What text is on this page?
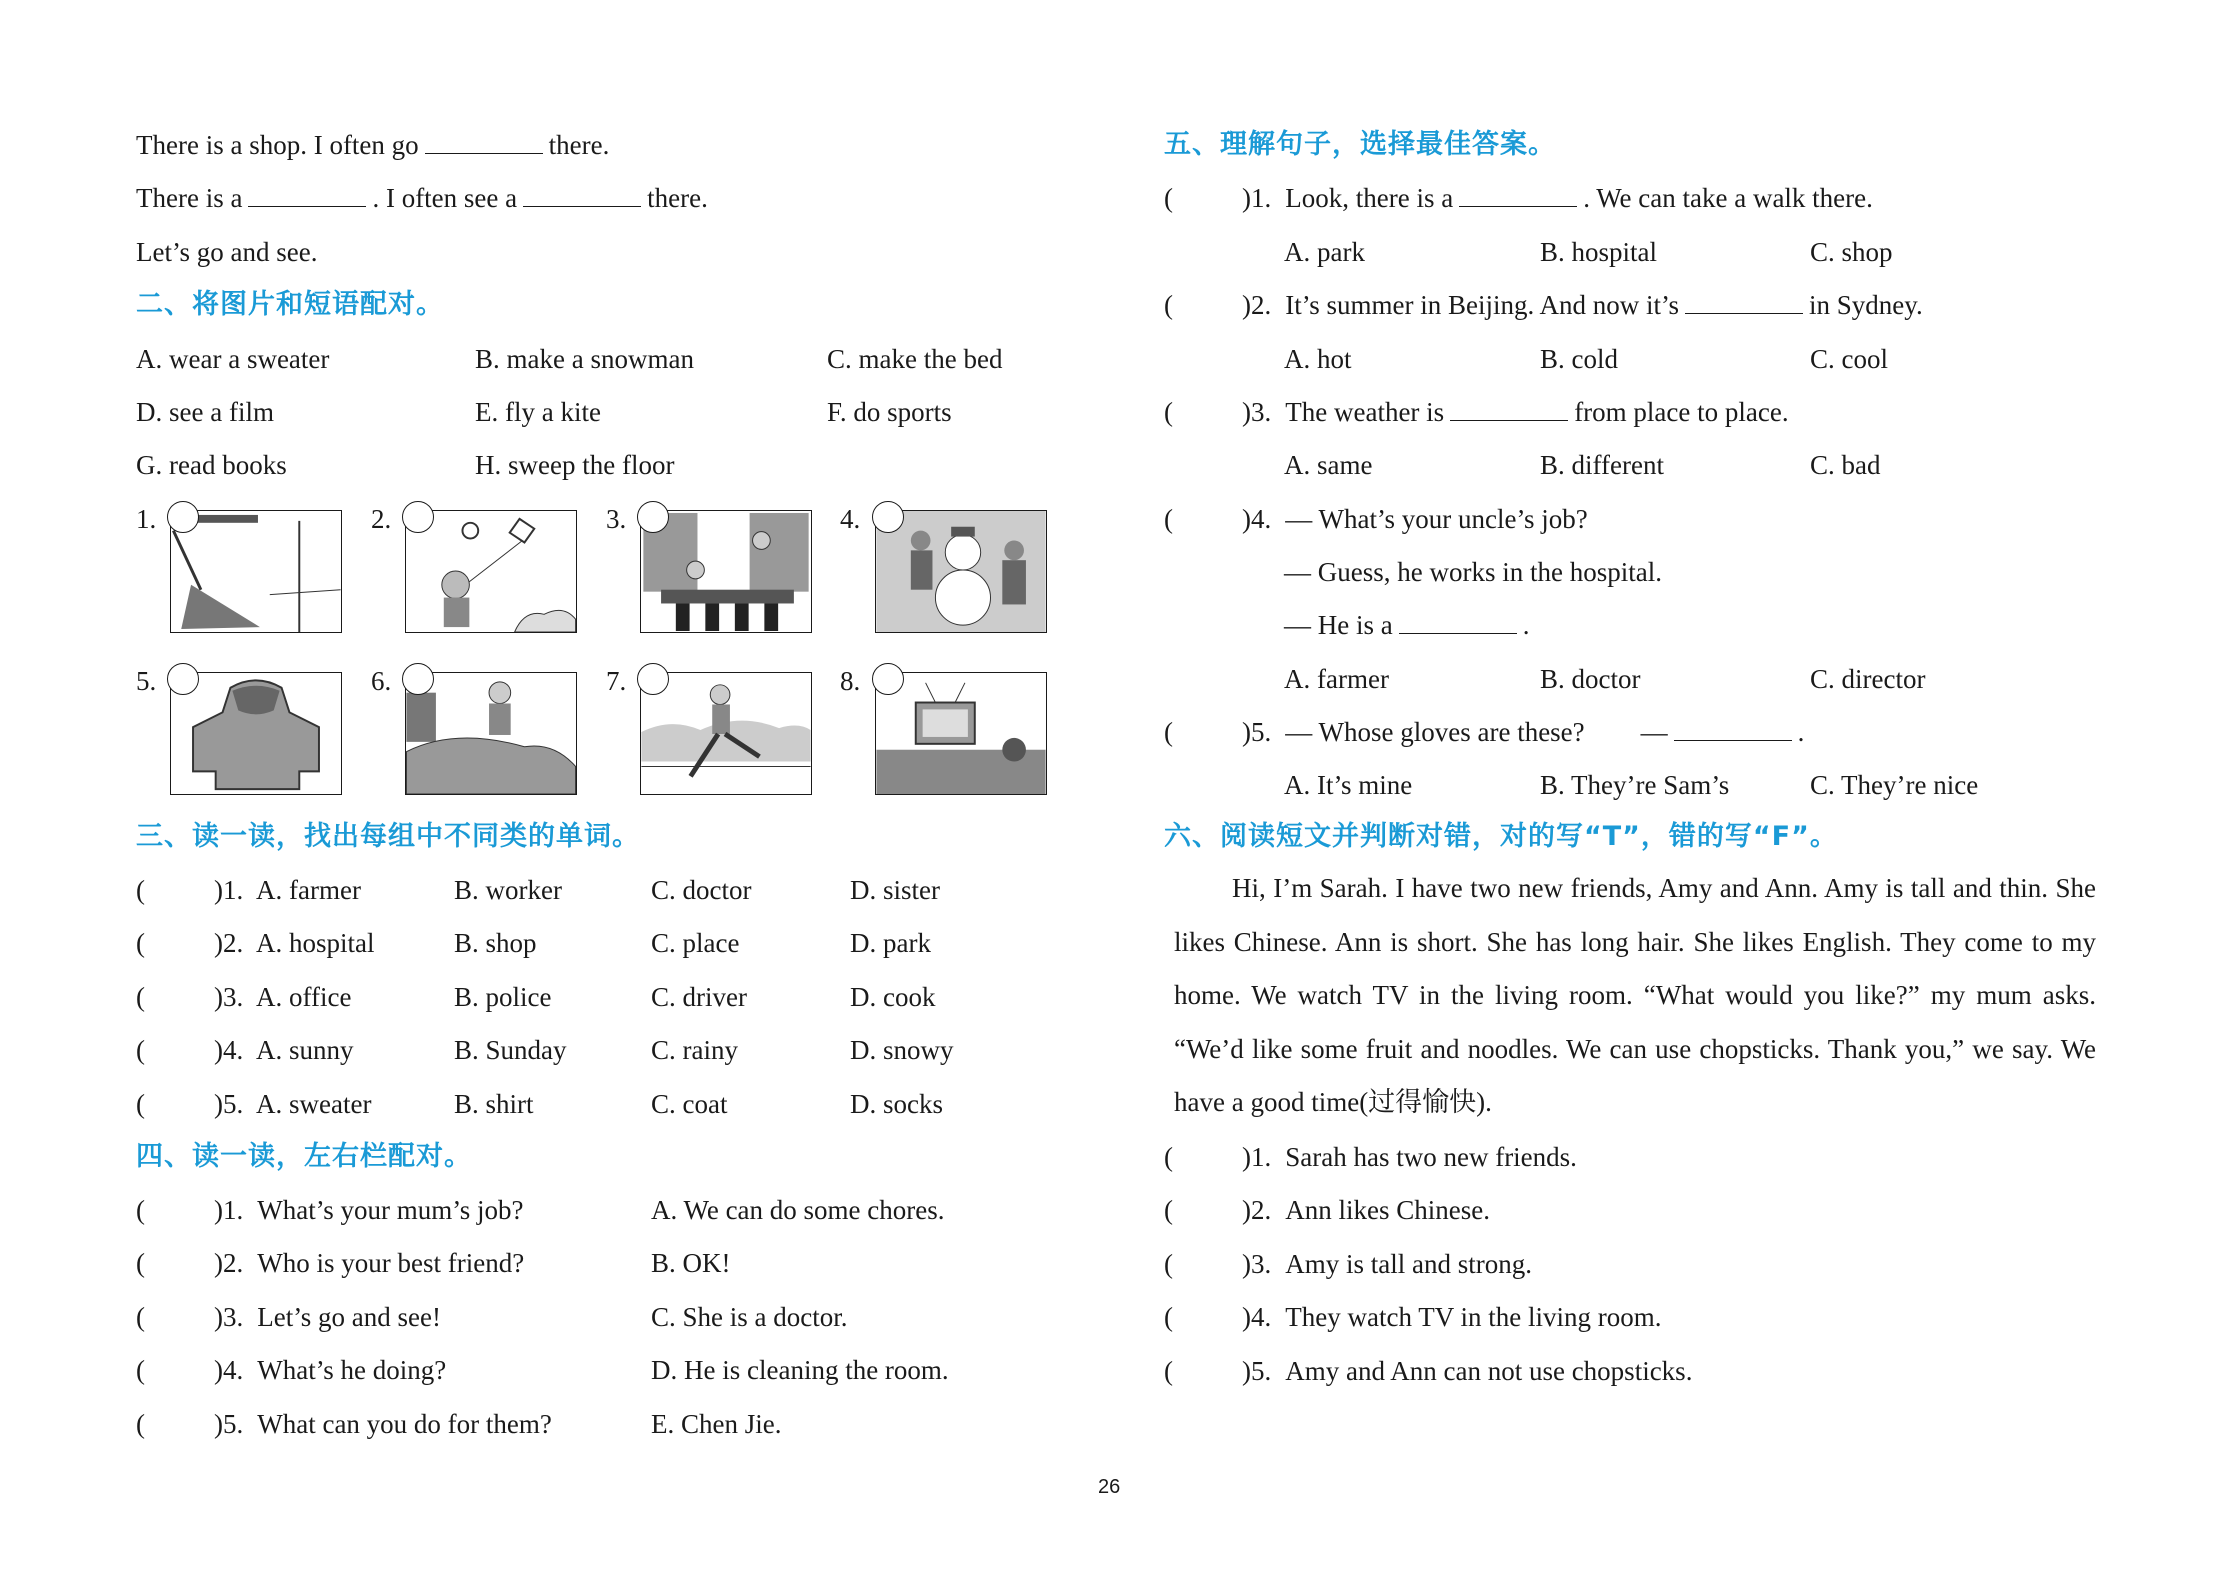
There is a shop. I often go	there.
There is a	. I often see a	there.
Let’s go and see.
二、将图片和短语配对。
A. wear a sweater	B. make a snowman	C. make the bed
D. see a film	E. fly a kite	F. do sports
G. read books	H. sweep the floor
1.	2.	3.	4.
5.	6.	7.	8.
三、读一读，找出每组中不同类的单词。
(	)1. A. farmer	B. worker	C. doctor	D. sister
(	)2. A. hospital	B. shop	C. place	D. park
(	)3. A. office	B. police	C. driver	D. cook
(	)4. A. sunny	B. Sunday	C. rainy	D. snowy
(	)5. A. sweater	B. shirt	C. coat	D. socks
四、读一读，左右栏配对。
(	)1. What’s your mum’s job?	A. We can do some chores.
(	)2. Who is your best friend?	B. OK!
(	)3. Let’s go and see!	C. She is a doctor.
(	)4. What’s he doing?	D. He is cleaning the room.
(	)5. What can you do for them?	E. Chen Jie.
五、理解句子，选择最佳答案。
(	)1. Look, there is a	. We can take a walk there.
A. park	B. hospital	C. shop
(	)2. It’s summer in Beijing. And now it’s	in Sydney.
A. hot	B. cold	C. cool
(	)3. The weather is	from place to place.
A. same	B. different	C. bad
(	)4. — What’s your uncle’s job?
— Guess, he works in the hospital.
— He is a	.
A. farmer	B. doctor	C. director
(	)5. — Whose gloves are these? —	.
A. It’s mine	B. They’re Sam’s	C. They’re nice
六、阅读短文并判断对错，对的写“T”，错的写“F”。
Hi, I’m Sarah. I have two new friends, Amy and Ann. Amy is tall and thin. She likes Chinese. Ann is short. She has long hair. She likes English. They come to my home. We watch TV in the living room. “What would you like?” my mum asks. “We’d like some fruit and noodles. We can use chopsticks. Thank you,” we say. We have a good time(过得愉快).
(	)1. Sarah has two new friends.
(	)2. Ann likes Chinese.
(	)3. Amy is tall and strong.
(	)4. They watch TV in the living room.
(	)5. Amy and Ann can not use chopsticks.
26
